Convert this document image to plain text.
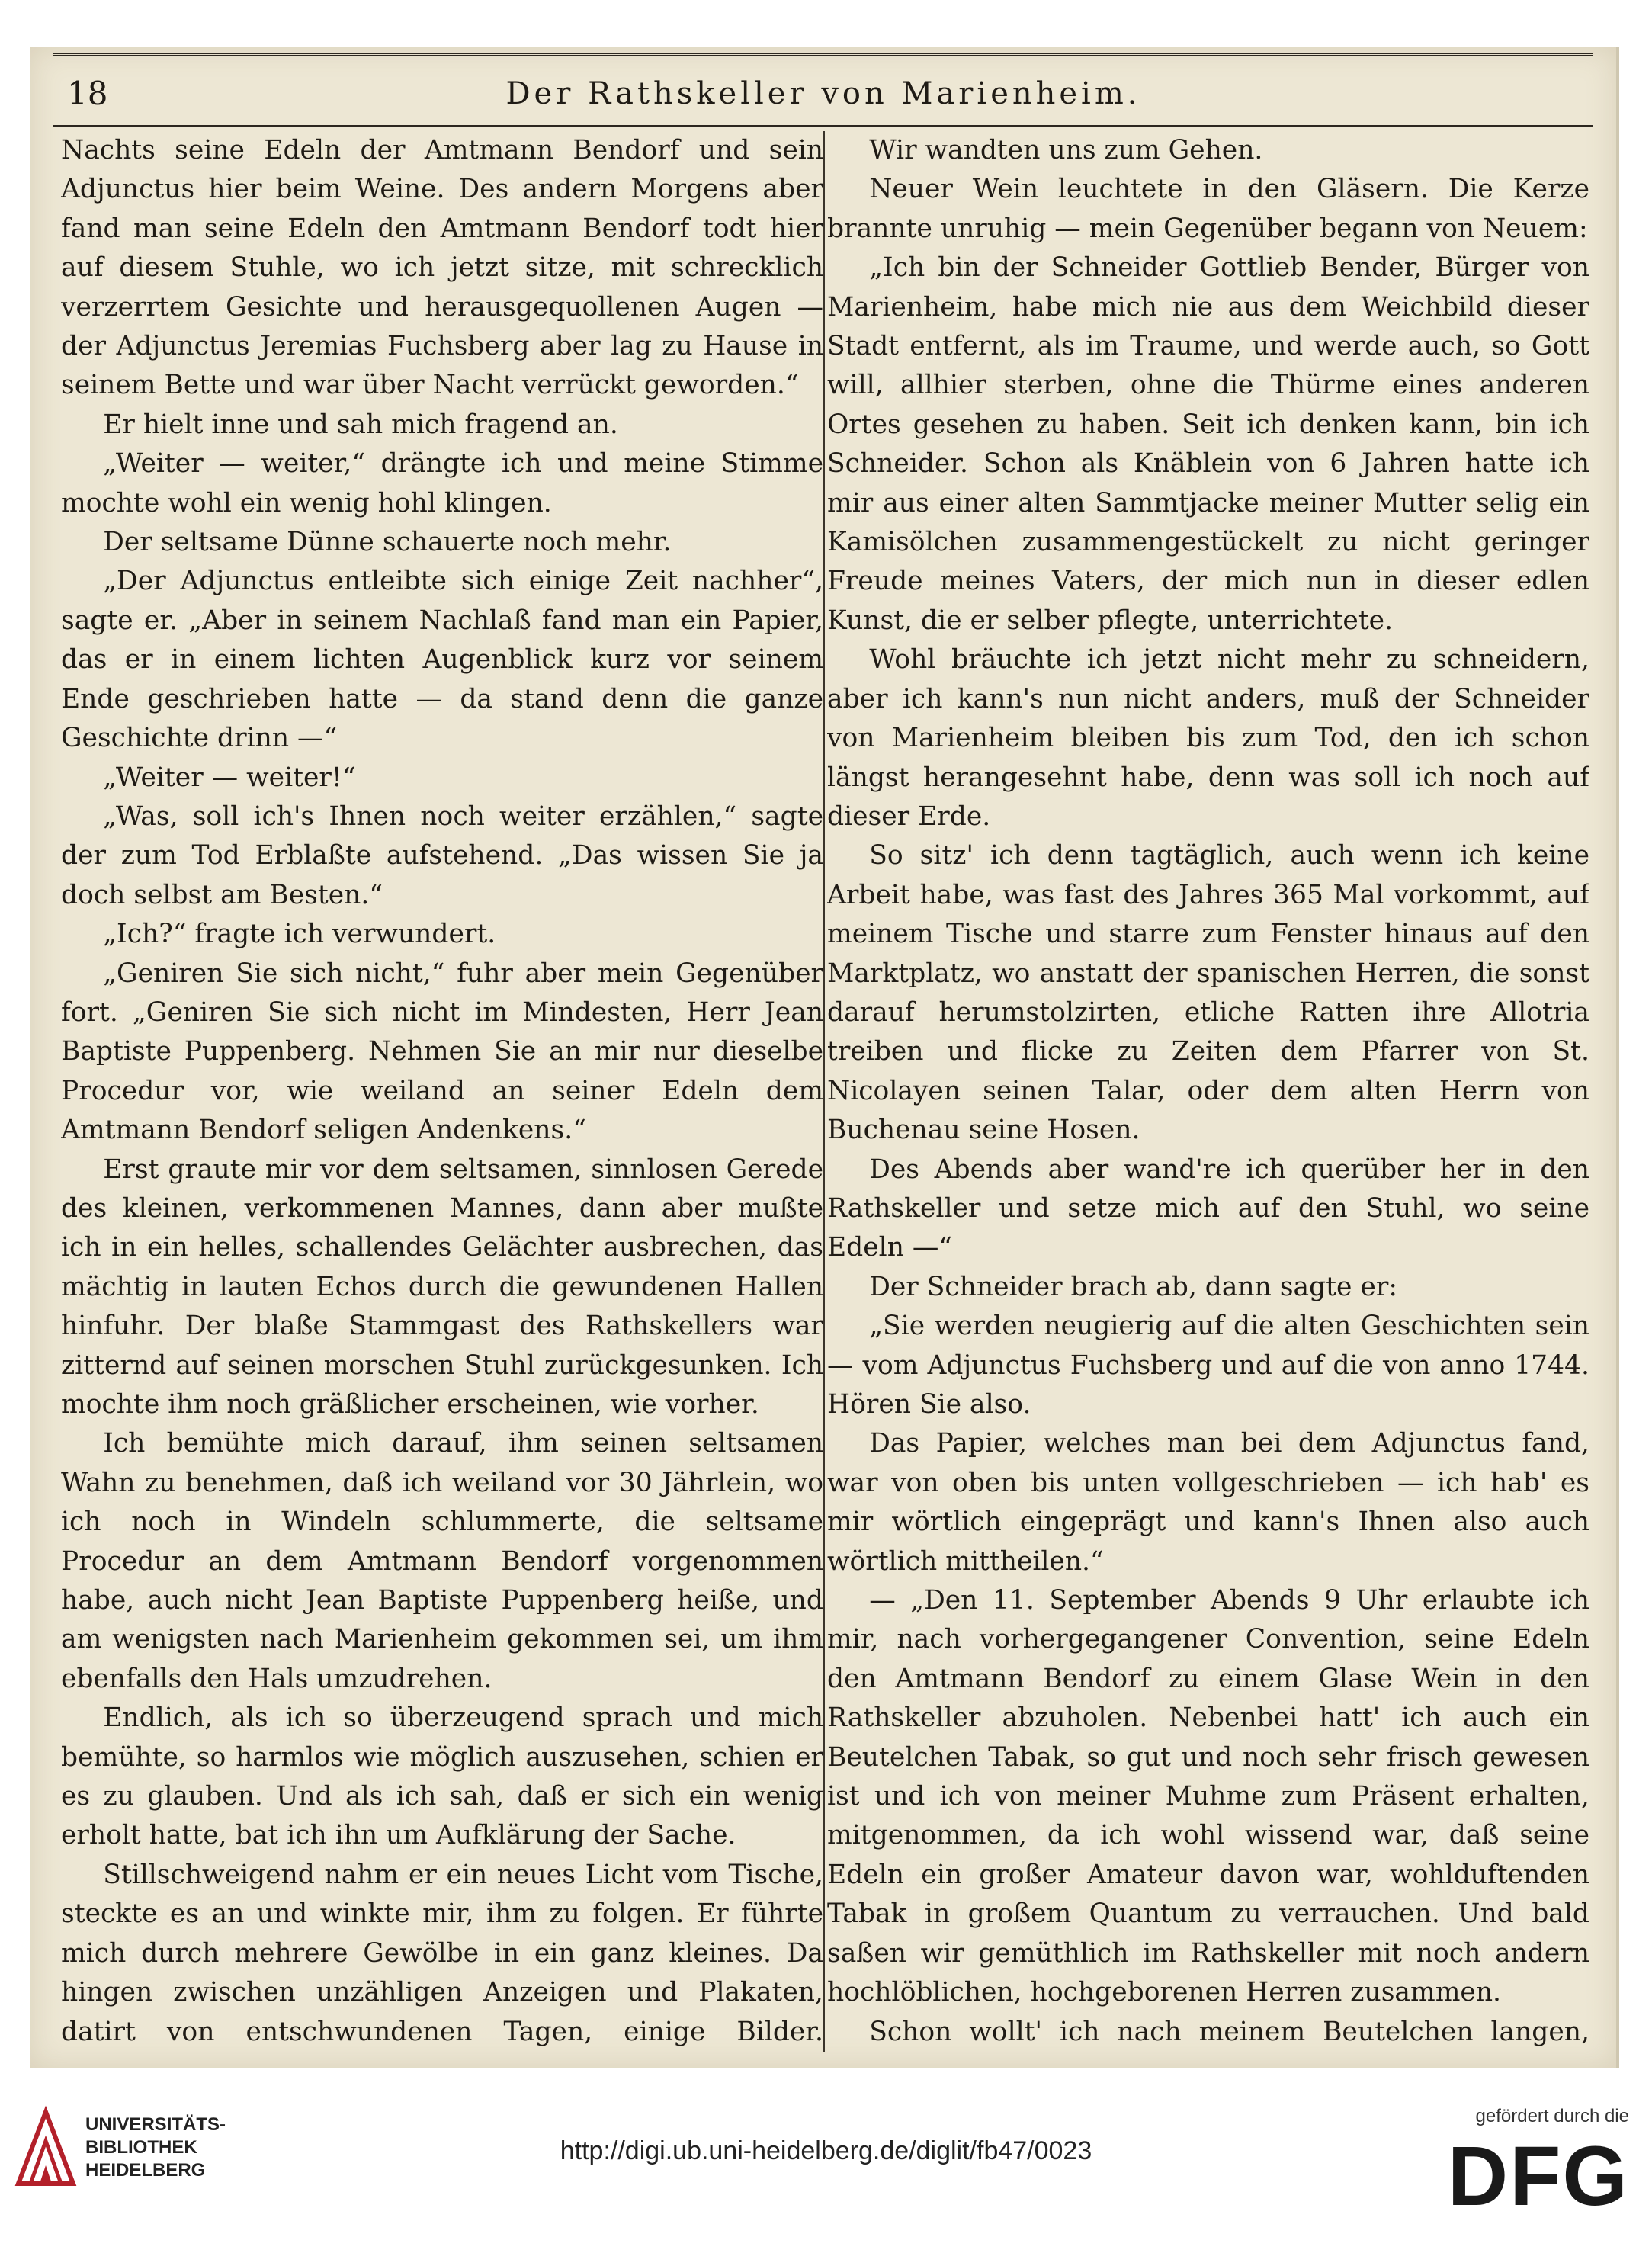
18	Der Rathskeller von Marienheim.

Nachts seine Edeln der Amtmann Bendorf und sein Adjunctus hier beim Weine. Des andern Morgens aber fand man seine Edeln den Amtmann Bendorf todt hier auf diesem Stuhle, wo ich jetzt sitze, mit schrecklich verzerrtem Gesichte und herausgequollenen Augen — der Adjunctus Jeremias Fuchsberg aber lag zu Hause in seinem Bette und war über Nacht verrückt geworden.“

Er hielt inne und sah mich fragend an.

„Weiter — weiter,“ drängte ich und meine Stimme mochte wohl ein wenig hohl klingen.

Der seltsame Dünne schauerte noch mehr.

„Der Adjunctus entleibte sich einige Zeit nachher“, sagte er. „Aber in seinem Nachlaß fand man ein Papier, das er in einem lichten Augenblick kurz vor seinem Ende geschrieben hatte — da stand denn die ganze Geschichte drinn —“

„Weiter — weiter!“

„Was, soll ich's Ihnen noch weiter erzählen,“ sagte der zum Tod Erblaßte aufstehend. „Das wissen Sie ja doch selbst am Besten.“

„Ich?“ fragte ich verwundert.

„Geniren Sie sich nicht,“ fuhr aber mein Gegenüber fort. „Geniren Sie sich nicht im Mindesten, Herr Jean Baptiste Puppenberg. Nehmen Sie an mir nur dieselbe Procedur vor, wie weiland an seiner Edeln dem Amtmann Bendorf seligen Andenkens.“

Erst graute mir vor dem seltsamen, sinnlosen Gerede des kleinen, verkommenen Mannes, dann aber mußte ich in ein helles, schallendes Gelächter ausbrechen, das mächtig in lauten Echos durch die gewundenen Hallen hinfuhr. Der blaße Stammgast des Rathskellers war zitternd auf seinen morschen Stuhl zurückgesunken. Ich mochte ihm noch gräßlicher erscheinen, wie vorher.

Ich bemühte mich darauf, ihm seinen seltsamen Wahn zu benehmen, daß ich weiland vor 30 Jährlein, wo ich noch in Windeln schlummerte, die seltsame Procedur an dem Amtmann Bendorf vorgenommen habe, auch nicht Jean Baptiste Puppenberg heiße, und am wenigsten nach Marienheim gekommen sei, um ihm ebenfalls den Hals umzudrehen.

Endlich, als ich so überzeugend sprach und mich bemühte, so harmlos wie möglich auszusehen, schien er es zu glauben. Und als ich sah, daß er sich ein wenig erholt hatte, bat ich ihn um Aufklärung der Sache.

Stillschweigend nahm er ein neues Licht vom Tische, steckte es an und winkte mir, ihm zu folgen. Er führte mich durch mehrere Gewölbe in ein ganz kleines. Da hingen zwischen unzähligen Anzeigen und Plakaten, datirt von entschwundenen Tagen, einige Bilder.

Wir wandten uns zum Gehen.

Neuer Wein leuchtete in den Gläsern. Die Kerze brannte unruhig — mein Gegenüber begann von Neuem:

„Ich bin der Schneider Gottlieb Bender, Bürger von Marienheim, habe mich nie aus dem Weichbild dieser Stadt entfernt, als im Traume, und werde auch, so Gott will, allhier sterben, ohne die Thürme eines anderen Ortes gesehen zu haben. Seit ich denken kann, bin ich Schneider. Schon als Knäblein von 6 Jahren hatte ich mir aus einer alten Sammtjacke meiner Mutter selig ein Kamisölchen zusammengestückelt zu nicht geringer Freude meines Vaters, der mich nun in dieser edlen Kunst, die er selber pflegte, unterrichtete.

Wohl bräuchte ich jetzt nicht mehr zu schneidern, aber ich kann's nun nicht anders, muß der Schneider von Marienheim bleiben bis zum Tod, den ich schon längst herangesehnt habe, denn was soll ich noch auf dieser Erde.

So sitz' ich denn tagtäglich, auch wenn ich keine Arbeit habe, was fast des Jahres 365 Mal vorkommt, auf meinem Tische und starre zum Fenster hinaus auf den Marktplatz, wo anstatt der spanischen Herren, die sonst darauf herumstolzirten, etliche Ratten ihre Allotria treiben und flicke zu Zeiten dem Pfarrer von St. Nicolayen seinen Talar, oder dem alten Herrn von Buchenau seine Hosen.

Des Abends aber wand're ich querüber her in den Rathskeller und setze mich auf den Stuhl, wo seine Edeln —“

Der Schneider brach ab, dann sagte er:

„Sie werden neugierig auf die alten Geschichten sein — vom Adjunctus Fuchsberg und auf die von anno 1744. Hören Sie also.

Das Papier, welches man bei dem Adjunctus fand, war von oben bis unten vollgeschrieben — ich hab' es mir wörtlich eingeprägt und kann's Ihnen also auch wörtlich mittheilen.“

— „Den 11. September Abends 9 Uhr erlaubte ich mir, nach vorhergegangener Convention, seine Edeln den Amtmann Bendorf zu einem Glase Wein in den Rathskeller abzuholen. Nebenbei hatt' ich auch ein Beutelchen Tabak, so gut und noch sehr frisch gewesen ist und ich von meiner Muhme zum Präsent erhalten, mitgenommen, da ich wohl wissend war, daß seine Edeln ein großer Amateur davon war, wohlduftenden Tabak in großem Quantum zu verrauchen. Und bald saßen wir gemüthlich im Rathskeller mit noch andern hochlöblichen, hochgeborenen Herren zusammen.

Schon wollt' ich nach meinem Beutelchen langen,

UNIVERSITÄTS-
BIBLIOTHEK
HEIDELBERG
http://digi.ub.uni-heidelberg.de/diglit/fb47/0023
gefördert durch die
DFG
